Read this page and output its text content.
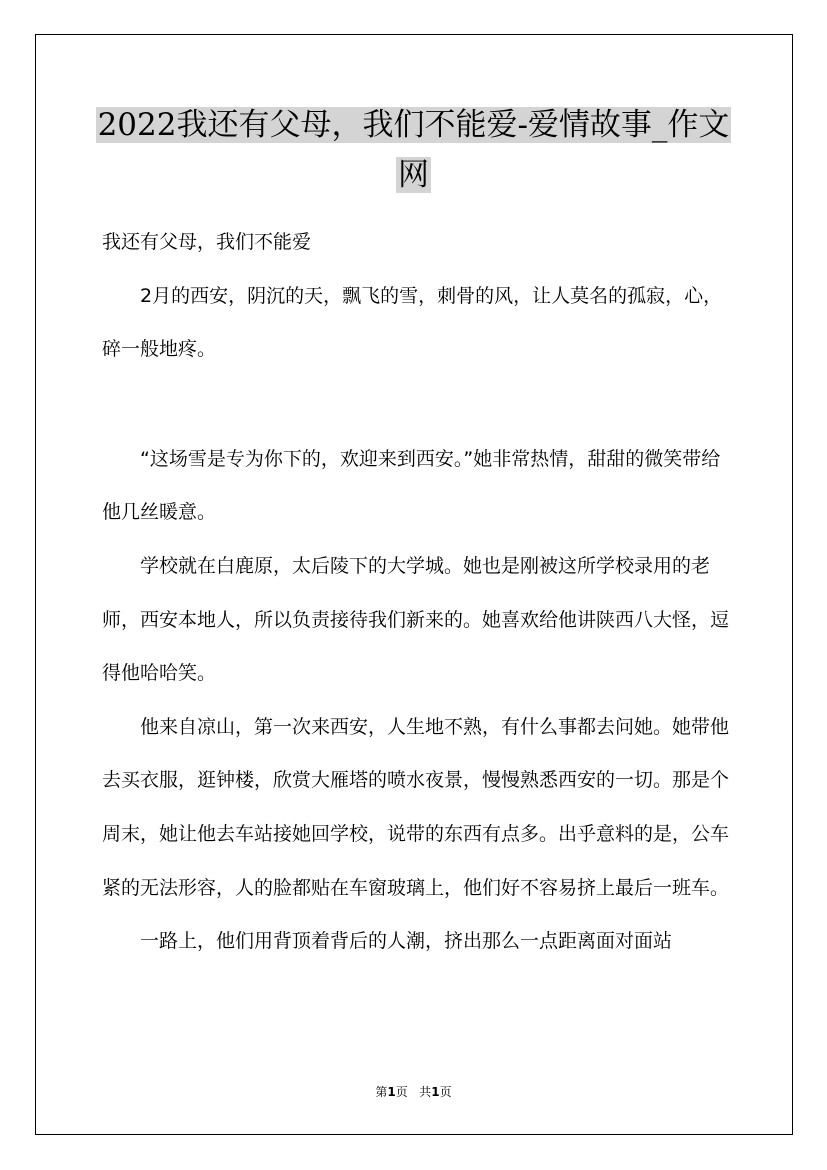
2022我还有父母，我们不能爱-爱情故事_作文
网

我还有父母，我们不能爱

2月的西安，阴沉的天，飘飞的雪，刺骨的风，让人莫名的孤寂，心，碎一般地疼。

“这场雪是专为你下的，欢迎来到西安。”她非常热情，甜甜的微笑带给他几丝暖意。

学校就在白鹿原，太后陵下的大学城。她也是刚被这所学校录用的老师，西安本地人，所以负责接待我们新来的。她喜欢给他讲陕西八大怪，逗得他哈哈笑。

他来自凉山，第一次来西安，人生地不熟，有什么事都去问她。她带他去买衣服，逛钟楼，欣赏大雁塔的喷水夜景，慢慢熟悉西安的一切。那是个周末，她让他去车站接她回学校，说带的东西有点多。出乎意料的是，公车紧的无法形容，人的脸都贴在车窗玻璃上，他们好不容易挤上最后一班车。

一路上，他们用背顶着背后的人潮，挤出那么一点距离面对面站

第1页 共1页
